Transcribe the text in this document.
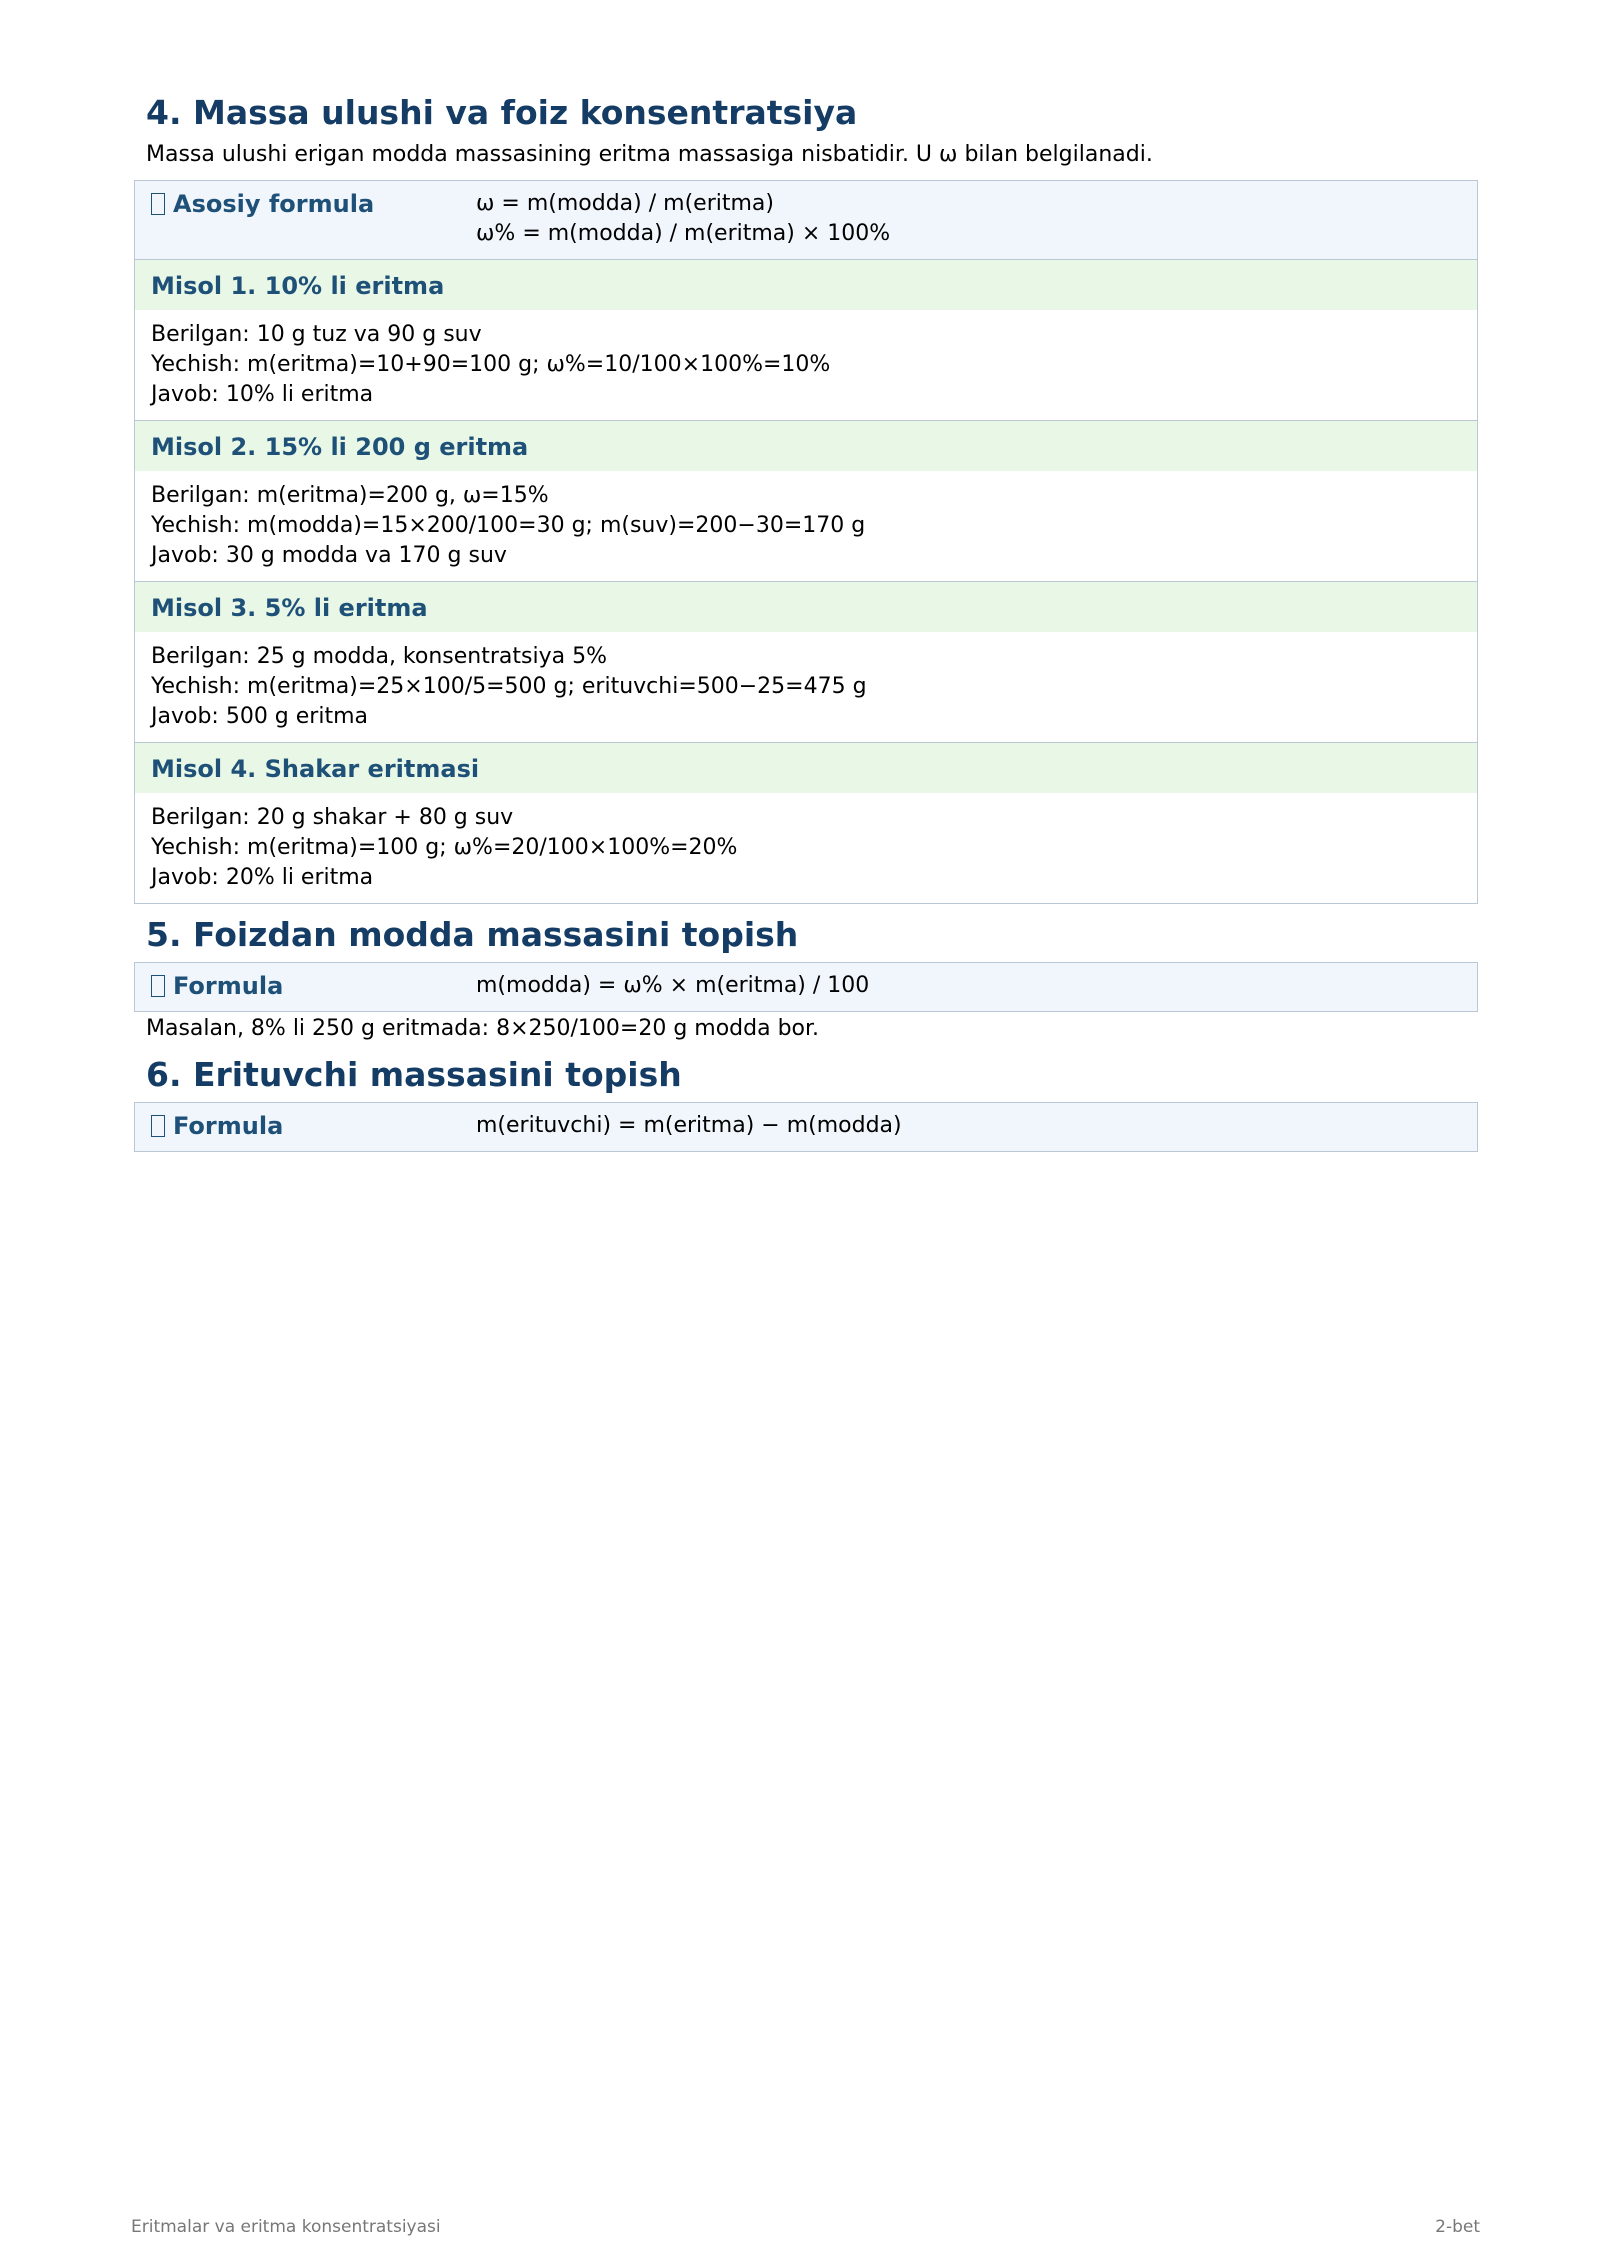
4. Massa ulushi va foiz konsentratsiya

Massa ulushi erigan modda massasining eritma massasiga nisbatidir. U ω bilan belgilanadi.

Asosiy formula	ω = m(modda) / m(eritma)
ω% = m(modda) / m(eritma) × 100%
Misol 1. 10% li eritma
Berilgan: 10 g tuz va 90 g suv
Yechish: m(eritma)=10+90=100 g; ω%=10/100×100%=10%
Javob: 10% li eritma
Misol 2. 15% li 200 g eritma
Berilgan: m(eritma)=200 g, ω=15%
Yechish: m(modda)=15×200/100=30 g; m(suv)=200−30=170 g
Javob: 30 g modda va 170 g suv
Misol 3. 5% li eritma
Berilgan: 25 g modda, konsentratsiya 5%
Yechish: m(eritma)=25×100/5=500 g; erituvchi=500−25=475 g
Javob: 500 g eritma
Misol 4. Shakar eritmasi
Berilgan: 20 g shakar + 80 g suv
Yechish: m(eritma)=100 g; ω%=20/100×100%=20%
Javob: 20% li eritma
5. Foizdan modda massasini topish
Formula	m(modda) = ω% × m(eritma) / 100

Masalan, 8% li 250 g eritmada: 8×250/100=20 g modda bor.

6. Erituvchi massasini topish
Formula	m(erituvchi) = m(eritma) − m(modda)
Eritmalar va eritma konsentratsiyasi	2-bet
